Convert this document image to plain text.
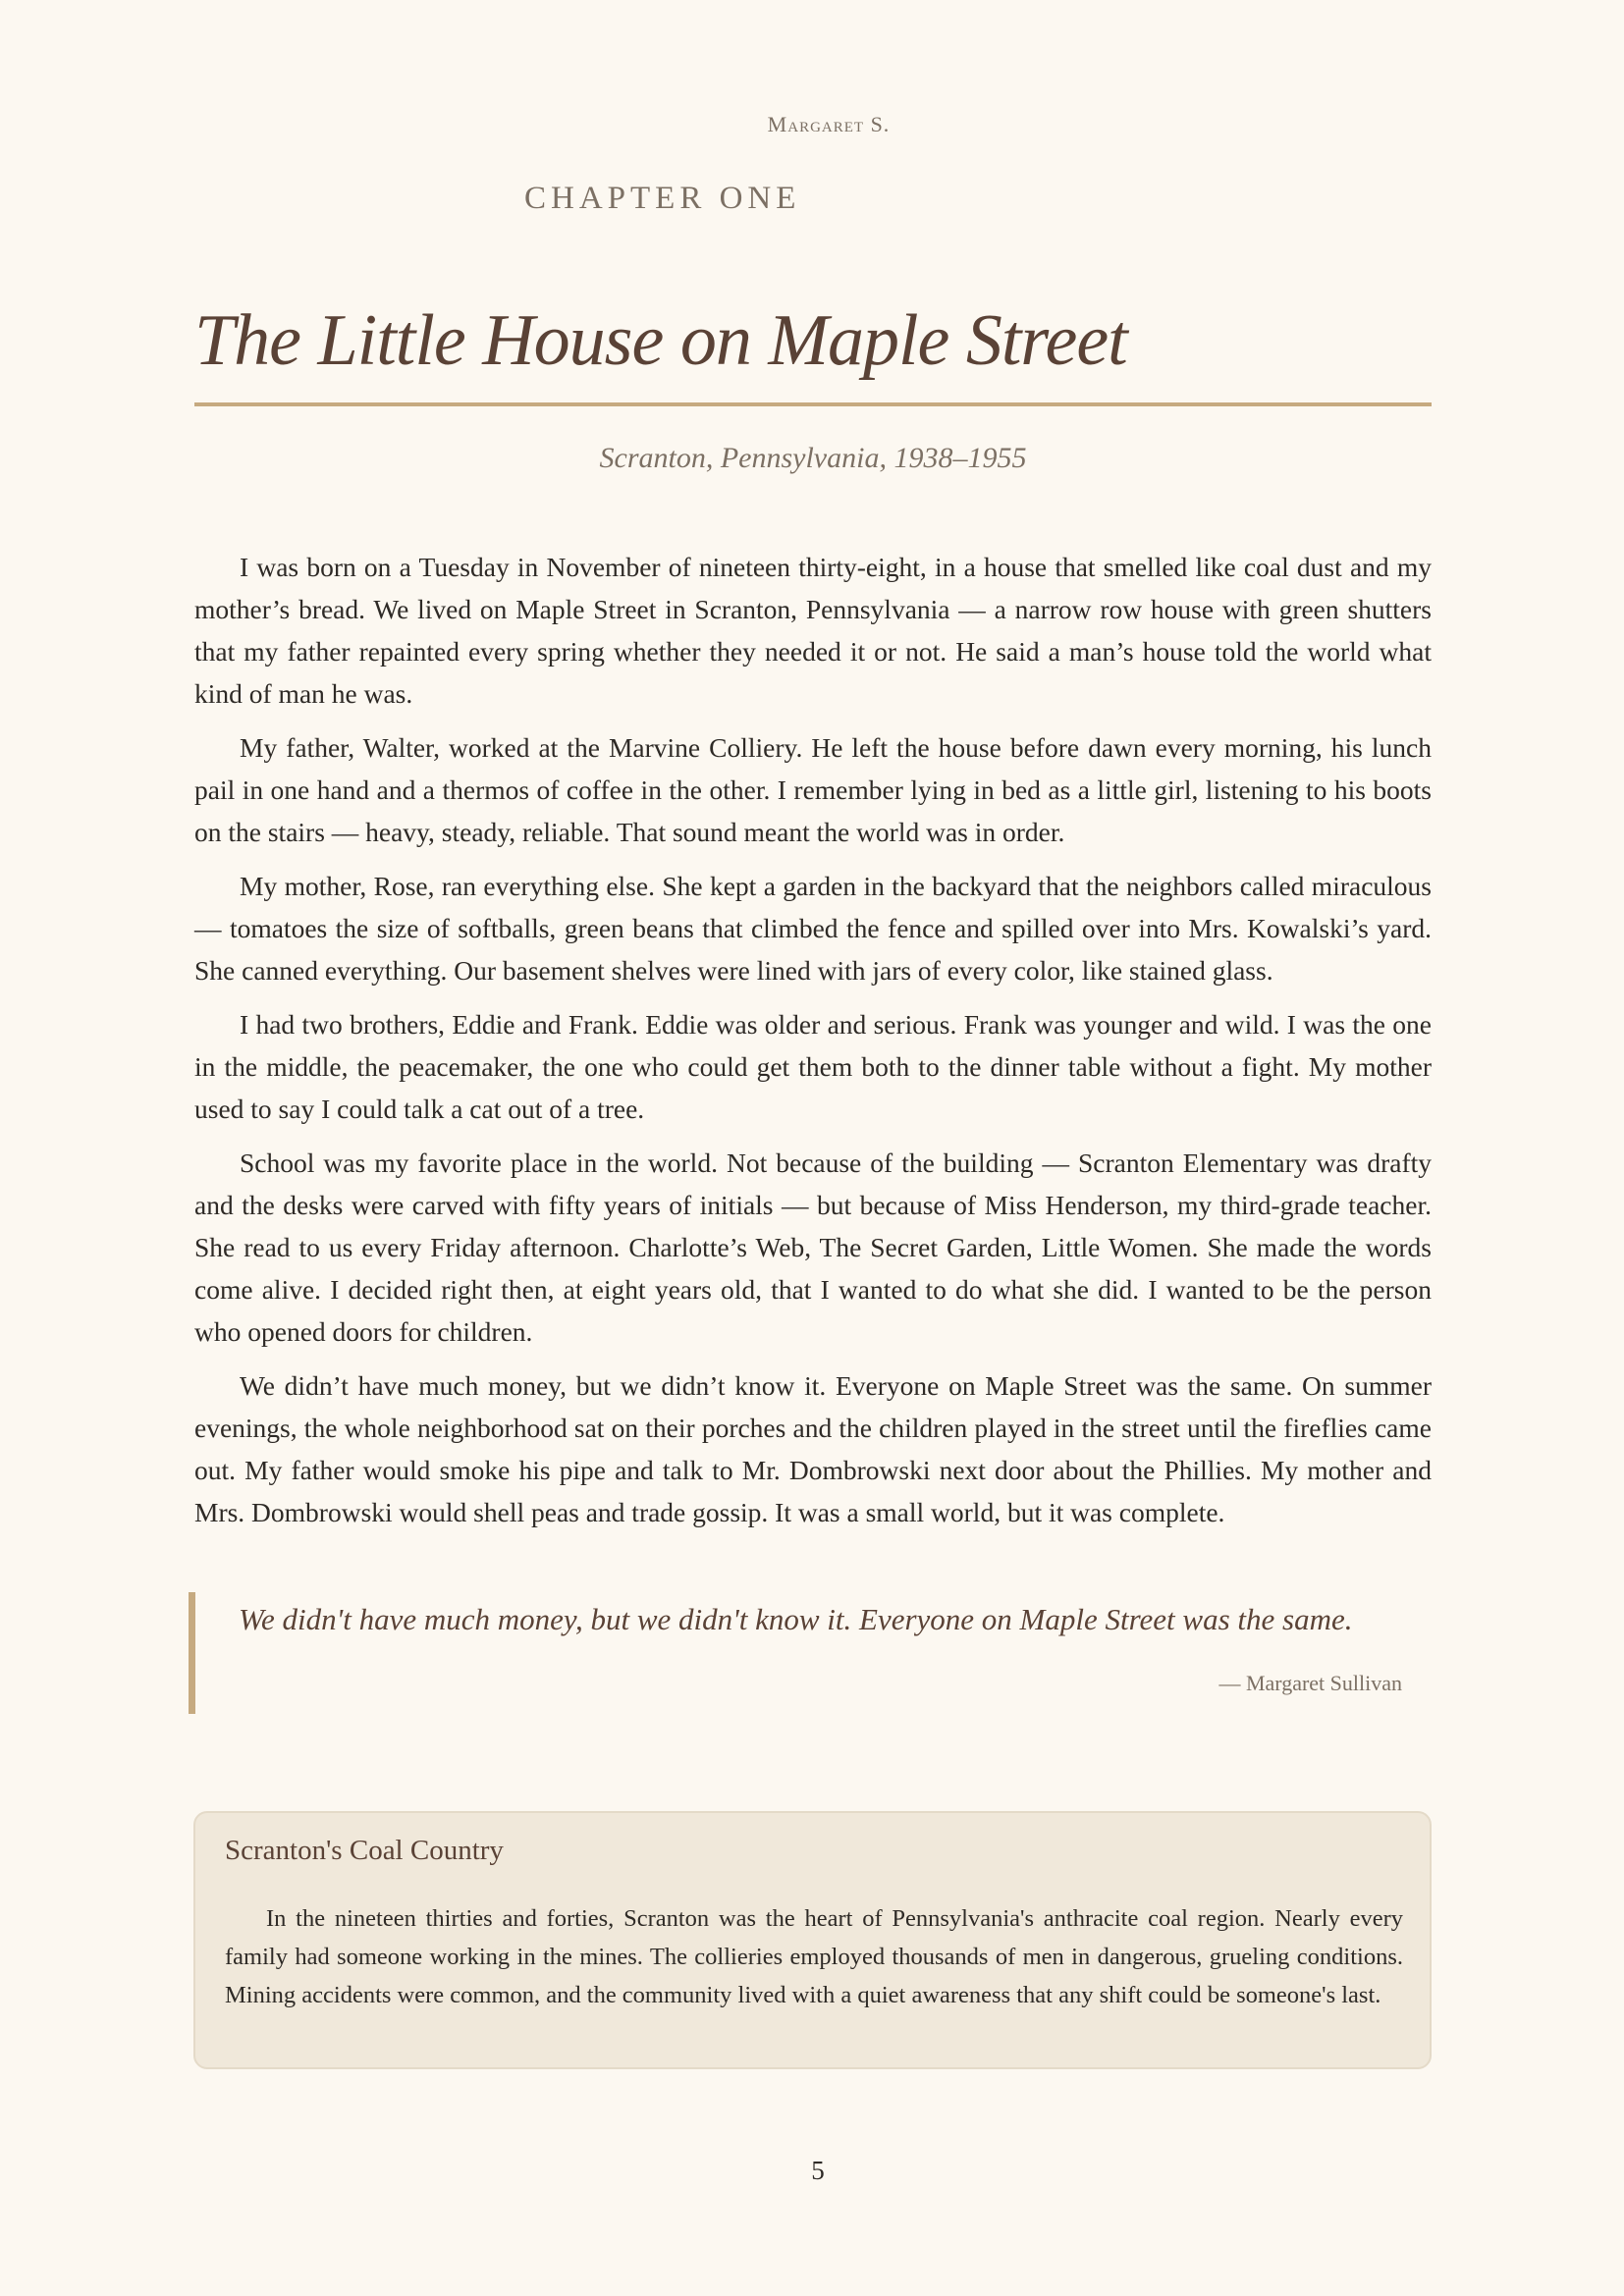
Margaret S.
CHAPTER ONE
The Little House on Maple Street
Scranton, Pennsylvania, 1938–1955

I was born on a Tuesday in November of nineteen thirty-eight, in a house that smelled like coal dust and my mother’s bread. We lived on Maple Street in Scranton, Pennsylvania — a narrow row house with green shutters that my father repainted every spring whether they needed it or not. He said a man’s house told the world what kind of man he was.

My father, Walter, worked at the Marvine Colliery. He left the house before dawn every morning, his lunch pail in one hand and a thermos of coffee in the other. I remember lying in bed as a little girl, listening to his boots on the stairs — heavy, steady, reliable. That sound meant the world was in order.

My mother, Rose, ran everything else. She kept a garden in the backyard that the neighbors called miraculous — tomatoes the size of softballs, green beans that climbed the fence and spilled over into Mrs. Kowalski’s yard. She canned everything. Our basement shelves were lined with jars of every color, like stained glass.

I had two brothers, Eddie and Frank. Eddie was older and serious. Frank was younger and wild. I was the one in the middle, the peacemaker, the one who could get them both to the dinner table without a fight. My mother used to say I could talk a cat out of a tree.

School was my favorite place in the world. Not because of the building — Scranton Elementary was drafty and the desks were carved with fifty years of initials — but because of Miss Henderson, my third-grade teacher. She read to us every Friday afternoon. Charlotte’s Web, The Secret Garden, Little Women. She made the words come alive. I decided right then, at eight years old, that I wanted to do what she did. I wanted to be the person who opened doors for children.

We didn’t have much money, but we didn’t know it. Everyone on Maple Street was the same. On summer evenings, the whole neighborhood sat on their porches and the children played in the street until the fireflies came out. My father would smoke his pipe and talk to Mr. Dombrowski next door about the Phillies. My mother and Mrs. Dombrowski would shell peas and trade gossip. It was a small world, but it was complete.

We didn't have much money, but we didn't know it. Everyone on Maple Street was the same.
— Margaret Sullivan
Scranton's Coal Country

In the nineteen thirties and forties, Scranton was the heart of Pennsylvania's anthracite coal region. Nearly every family had someone working in the mines. The collieries employed thousands of men in dangerous, grueling conditions. Mining accidents were common, and the community lived with a quiet awareness that any shift could be someone's last.

5
